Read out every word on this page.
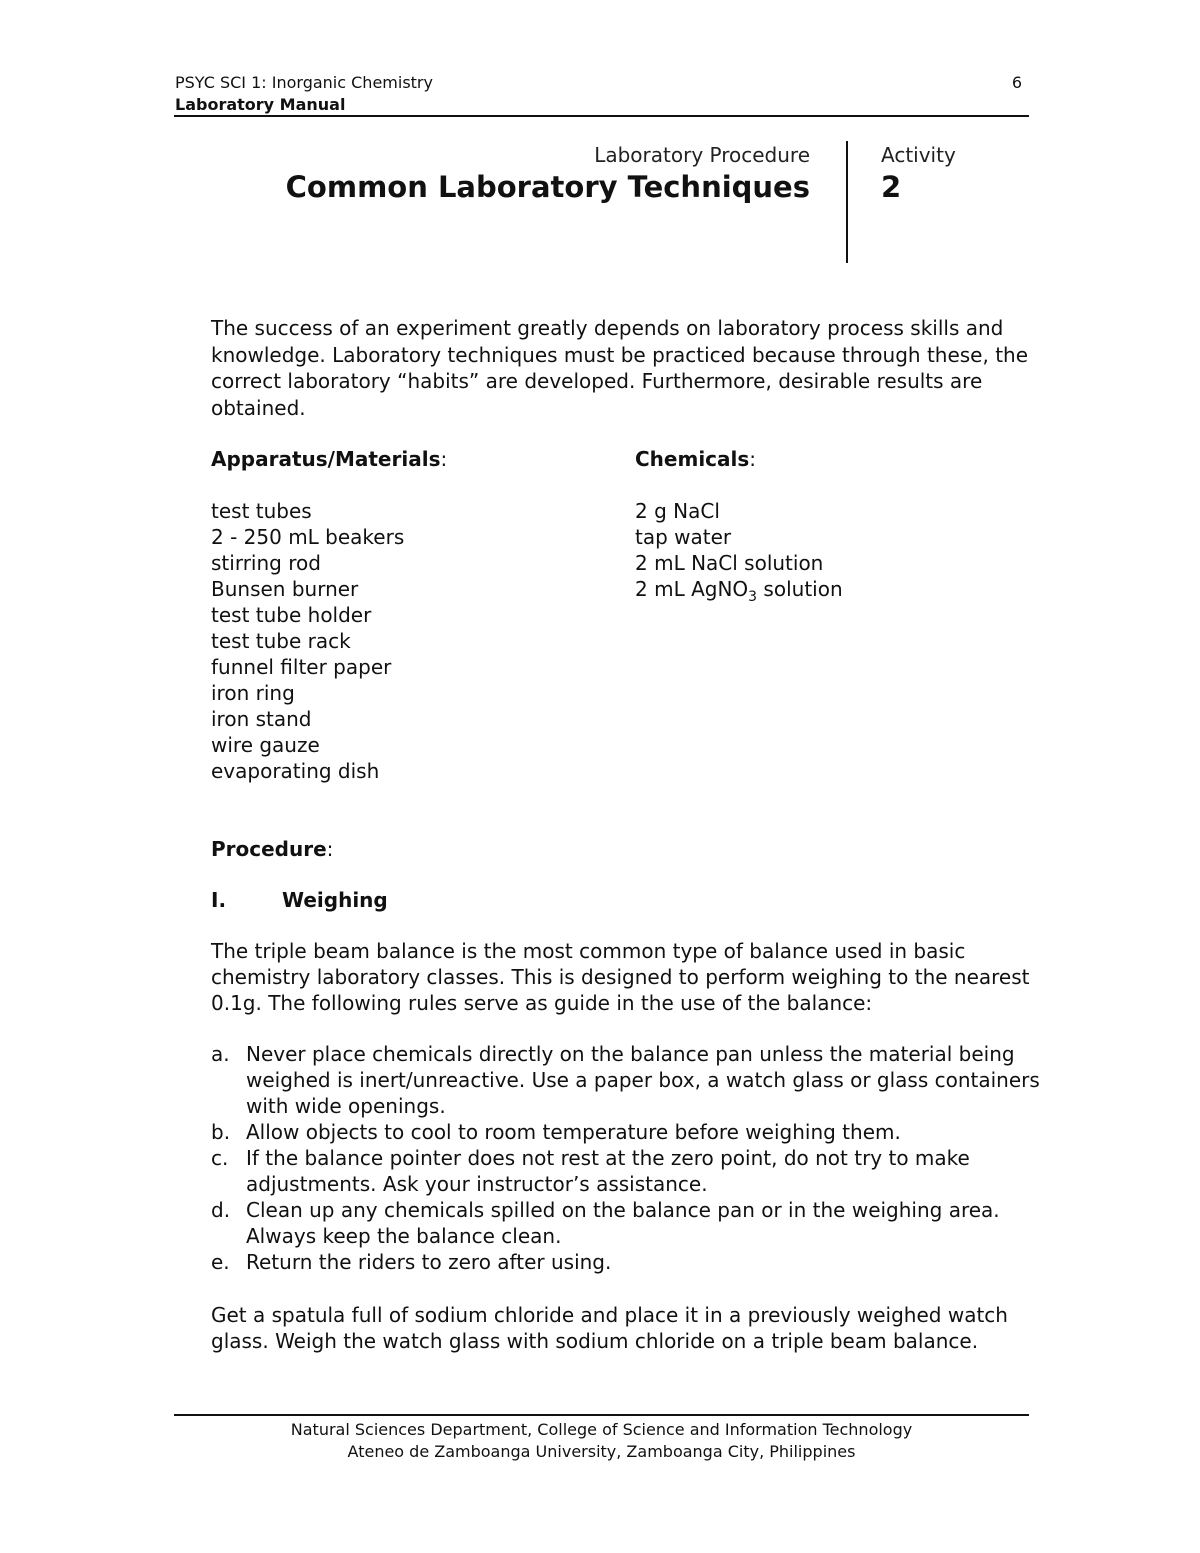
PSYC SCI 1: Inorganic Chemistry
Laboratory Manual
6
Laboratory Procedure
Common Laboratory Techniques
Activity
2
The success of an experiment greatly depends on laboratory process skills and knowledge. Laboratory techniques must be practiced because through these, the correct laboratory “habits” are developed. Furthermore, desirable results are obtained.
Apparatus/Materials:
test tubes
2 - 250 mL beakers
stirring rod
Bunsen burner
test tube holder
test tube rack
funnel filter paper
iron ring
iron stand
wire gauze
evaporating dish
Chemicals:
2 g NaCl
tap water
2 mL NaCl solution
2 mL AgNO$_3$ solution
Procedure:
I.	Weighing
The triple beam balance is the most common type of balance used in basic chemistry laboratory classes. This is designed to perform weighing to the nearest 0.1g. The following rules serve as guide in the use of the balance:
a. Never place chemicals directly on the balance pan unless the material being weighed is inert/unreactive. Use a paper box, a watch glass or glass containers with wide openings.
b. Allow objects to cool to room temperature before weighing them.
c. If the balance pointer does not rest at the zero point, do not try to make adjustments. Ask your instructor’s assistance.
d. Clean up any chemicals spilled on the balance pan or in the weighing area. Always keep the balance clean.
e. Return the riders to zero after using.
Get a spatula full of sodium chloride and place it in a previously weighed watch glass. Weigh the watch glass with sodium chloride on a triple beam balance.
Natural Sciences Department, College of Science and Information Technology
Ateneo de Zamboanga University, Zamboanga City, Philippines
